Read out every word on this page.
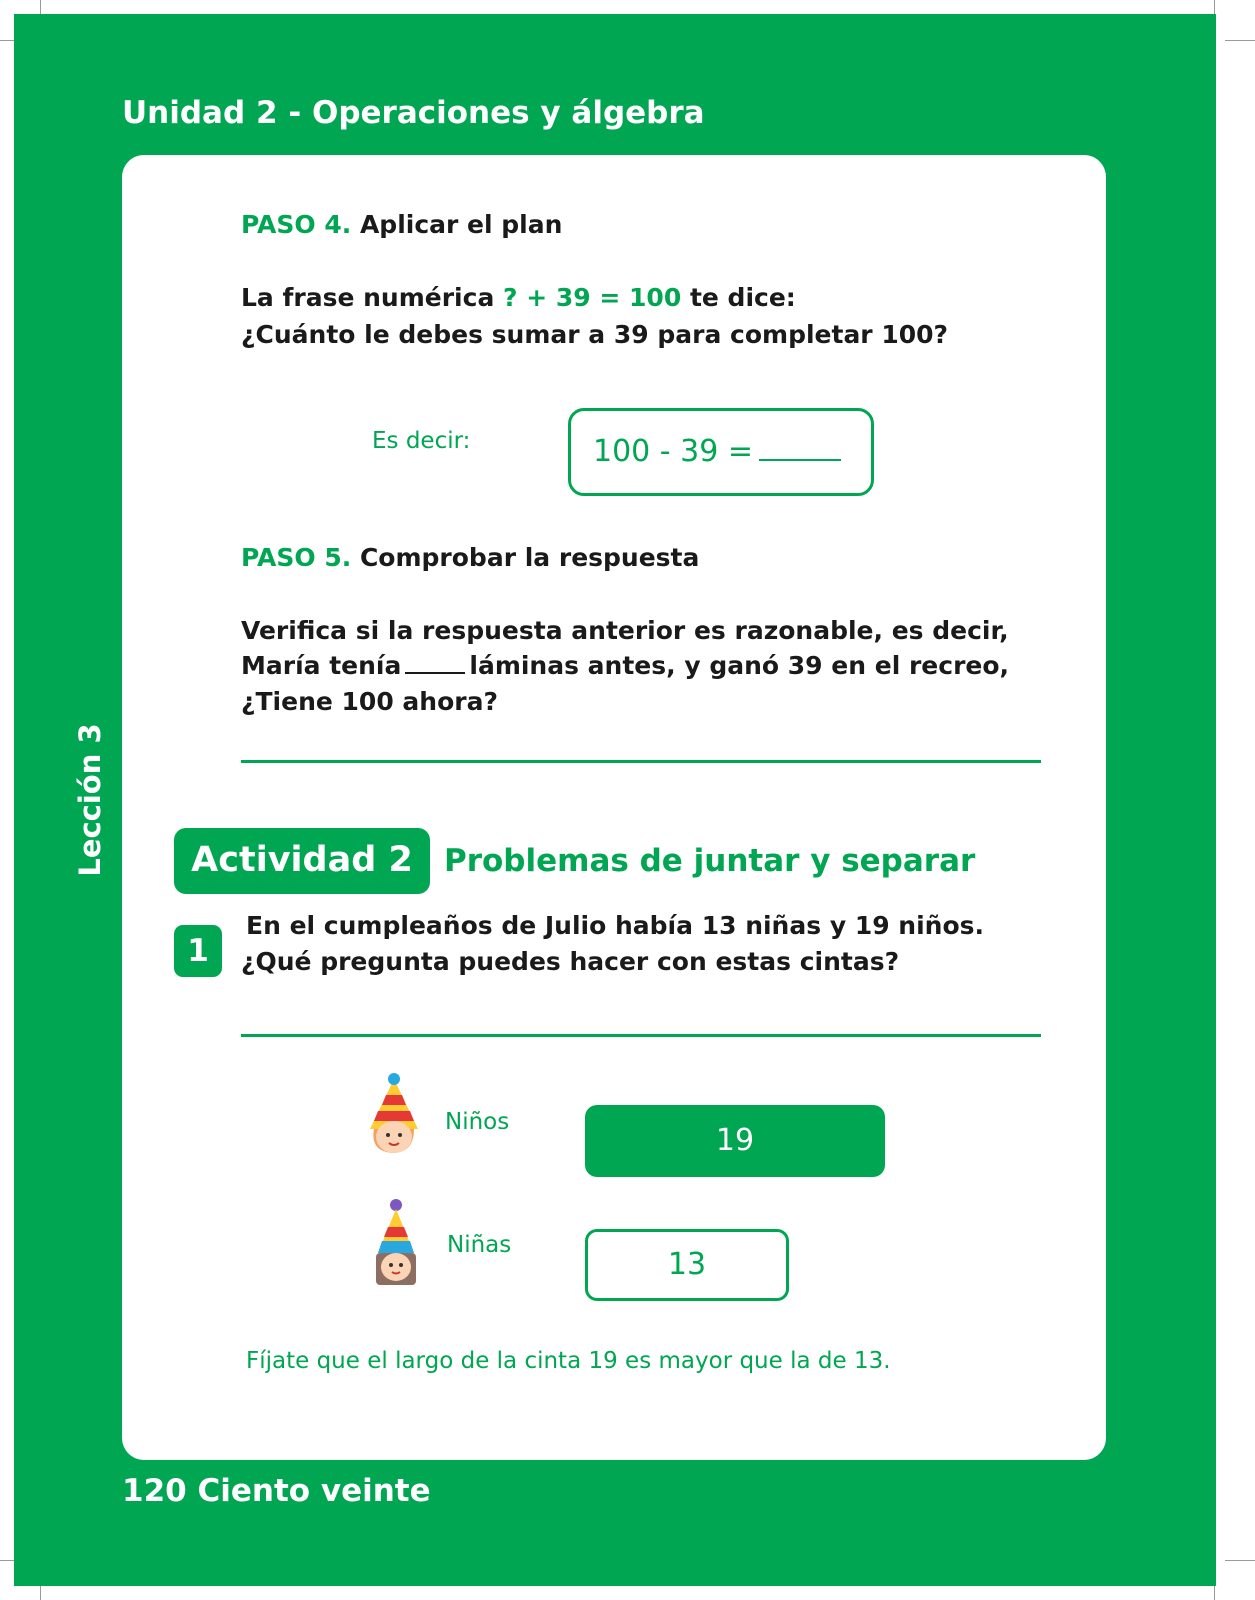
Unidad 2 - Operaciones y álgebra
Lección 3
120 Ciento veinte
PASO 4. Aplicar el plan
La frase numérica ? + 39 = 100 te dice:
¿Cuánto le debes sumar a 39 para completar 100?
Es decir:	100 - 39 =
PASO 5. Comprobar la respuesta
Verifica si la respuesta anterior es razonable, es decir,
María tenía	láminas antes, y ganó 39 en el recreo,
¿Tiene 100 ahora?
Actividad 2	Problemas de juntar y separar
1
En el cumpleaños de Julio había 13 niñas y 19 niños.
¿Qué pregunta puedes hacer con estas cintas?
Niños
19
Niñas
13
Fíjate que el largo de la cinta 19 es mayor que la de 13.
